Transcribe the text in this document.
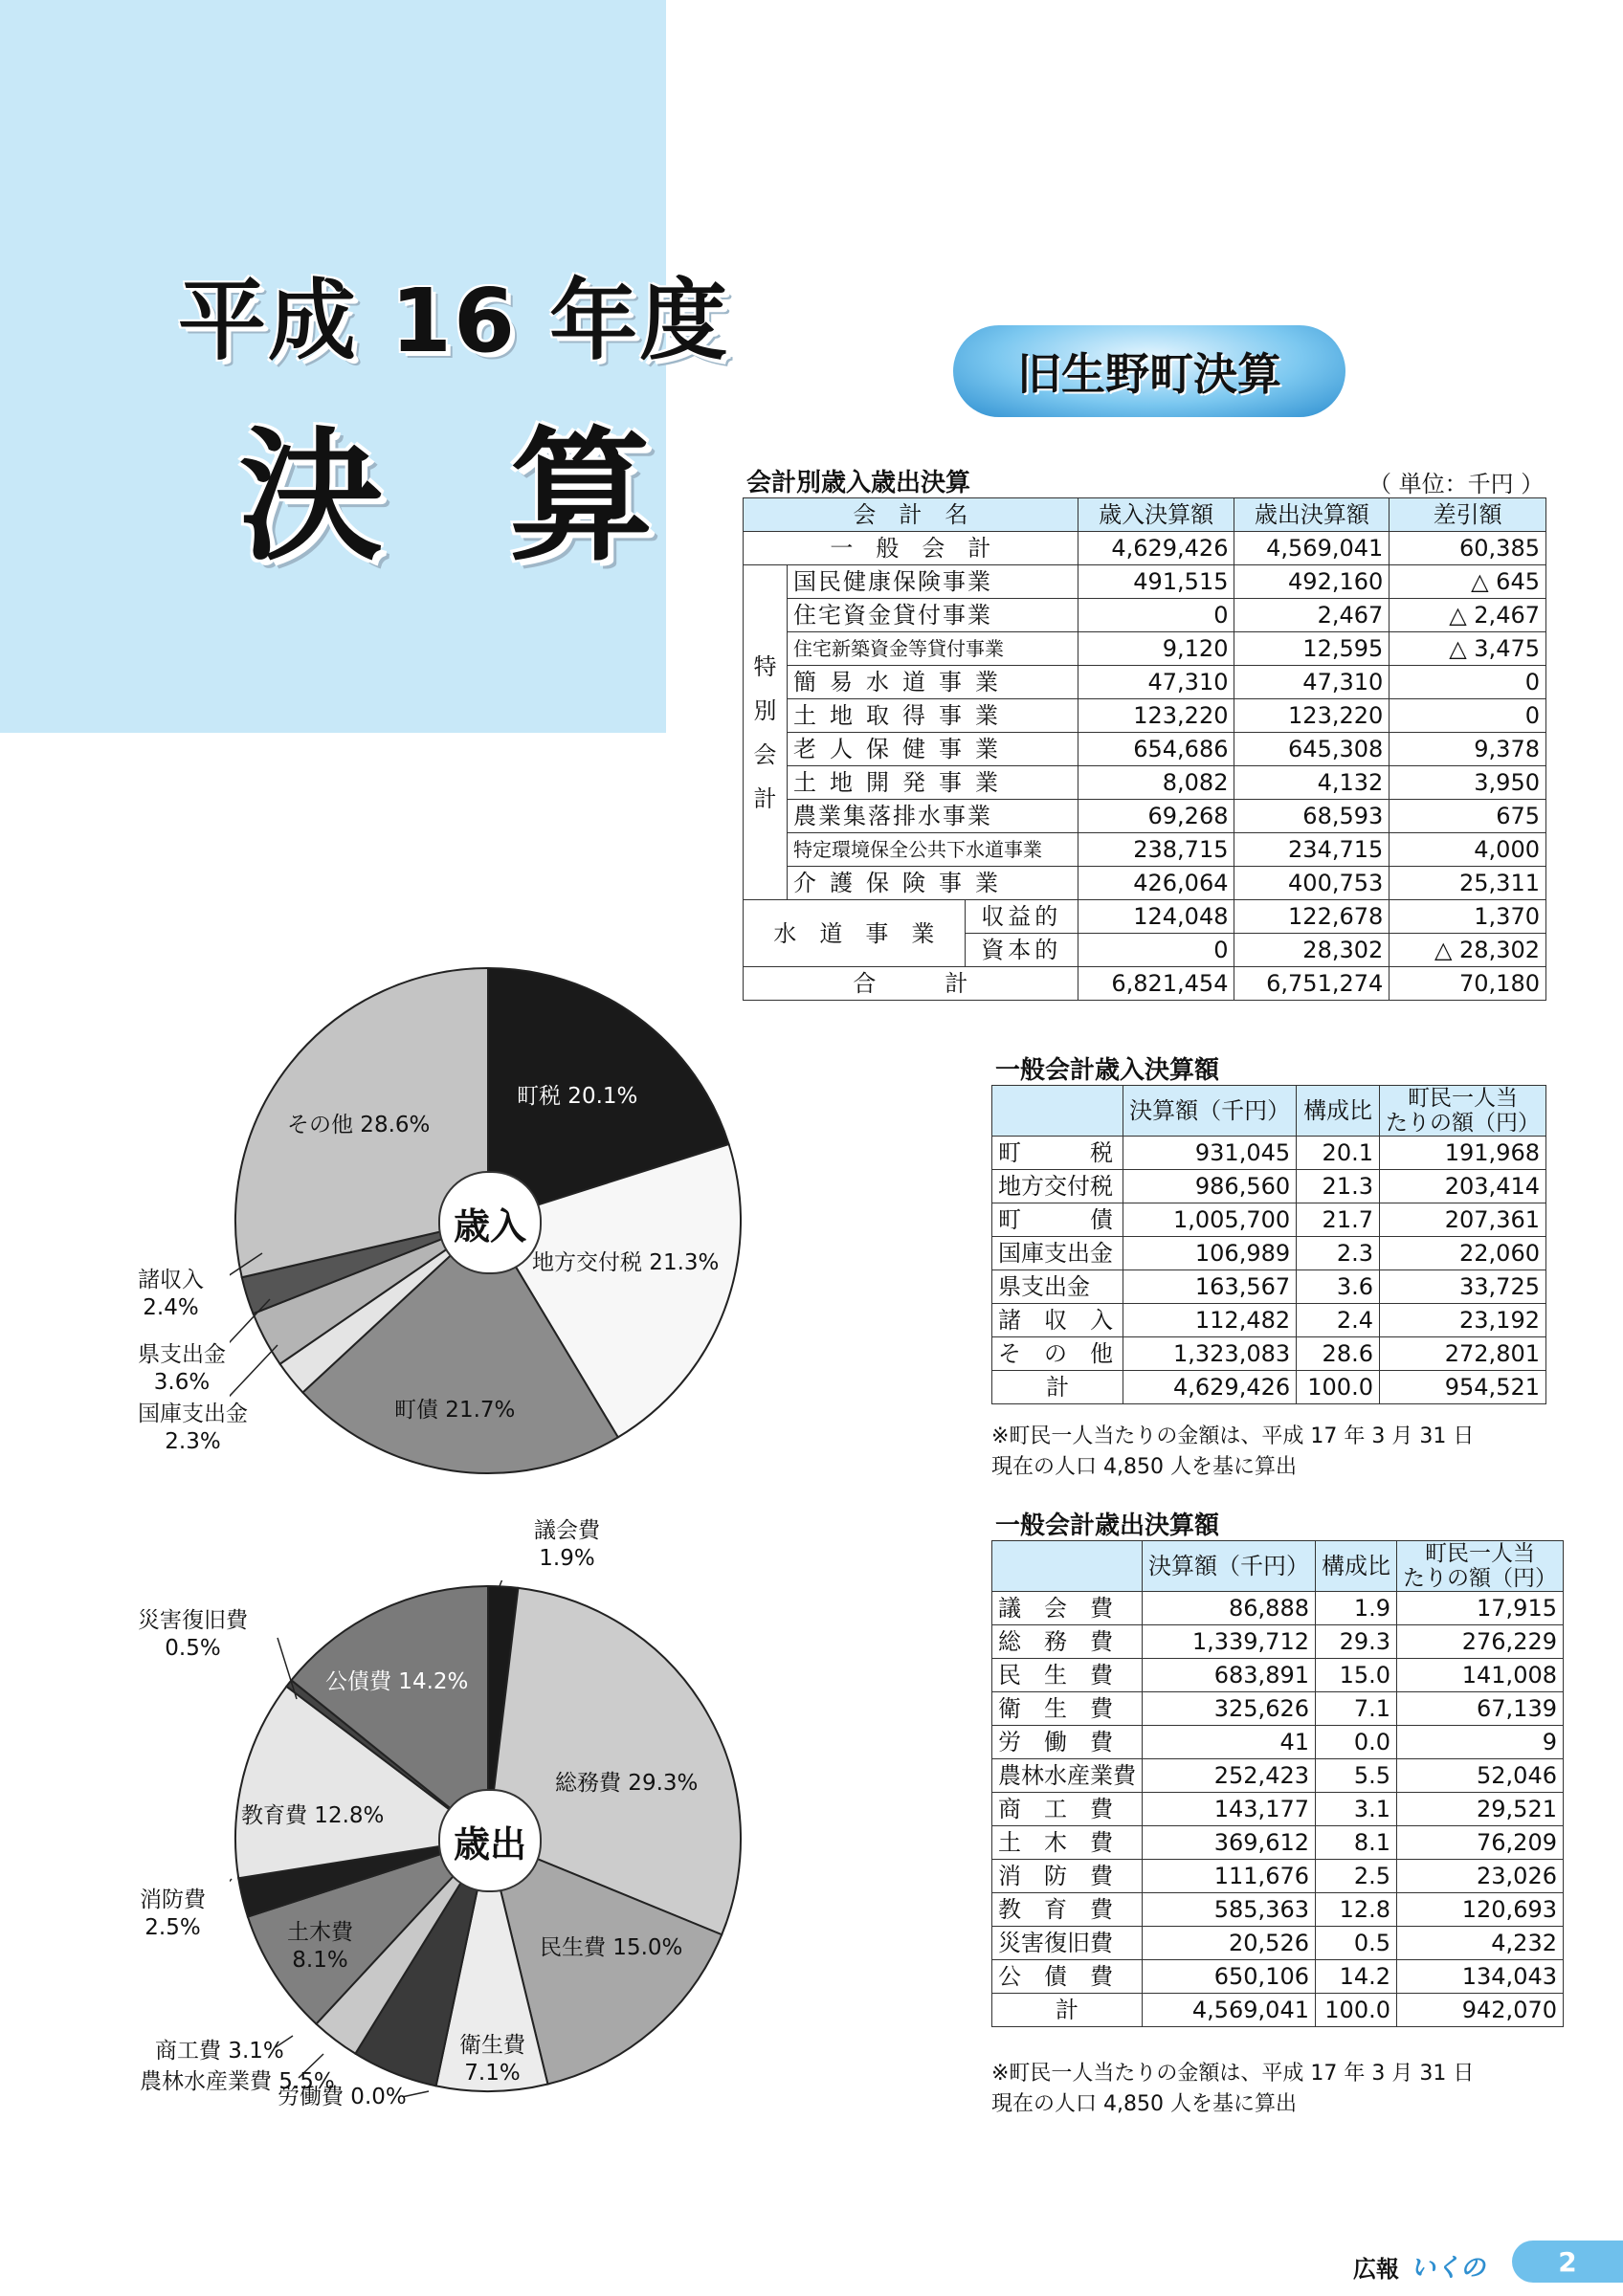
平成 16 年度
決 算
旧生野町決算
会計別歳入歳出決算	（ 単位：千円 ）
会　計　名			歳入決算額	歳出決算額	差引額
一　般　会　計			4,629,426	4,569,041	60,385
特
別
会
計	国民健康保険事業		491,515	492,160	△ 645
	住宅資金貸付事業		0	2,467	△ 2,467
	住宅新築資金等貸付事業		9,120	12,595	△ 3,475
	簡易水道事業		47,310	47,310	0
	土地取得事業		123,220	123,220	0
	老人保健事業		654,686	645,308	9,378
	土地開発事業		8,082	4,132	3,950
	農業集落排水事業		69,268	68,593	675
	特定環境保全公共下水道事業		238,715	234,715	4,000
	介護保険事業		426,064	400,753	25,311
水　道　事　業		収益的	124,048	122,678	1,370
		資本的	0	28,302	△ 28,302
合　　　計			6,821,454	6,751,274	70,180
一般会計歳入決算額
	決算額（千円）	構成比	町民一人当
たりの額（円）
町　　　税	931,045	20.1	191,968
地方交付税	986,560	21.3	203,414
町　　　債	1,005,700	21.7	207,361
国庫支出金	106,989	2.3	22,060
県支出金	163,567	3.6	33,725
諸　収　入	112,482	2.4	23,192
そ　の　他	1,323,083	28.6	272,801
計	4,629,426	100.0	954,521
※町民一人当たりの金額は、平成 17 年 3 月 31 日
現在の人口 4,850 人を基に算出
一般会計歳出決算額
	決算額（千円）	構成比	町民一人当
たりの額（円）
議　会　費	86,888	1.9	17,915
総　務　費	1,339,712	29.3	276,229
民　生　費	683,891	15.0	141,008
衛　生　費	325,626	7.1	67,139
労　働　費	41	0.0	9
農林水産業費	252,423	5.5	52,046
商　工　費	143,177	3.1	29,521
土　木　費	369,612	8.1	76,209
消　防　費	111,676	2.5	23,026
教　育　費	585,363	12.8	120,693
災害復旧費	20,526	0.5	4,232
公　債　費	650,106	14.2	134,043
計	4,569,041	100.0	942,070
※町民一人当たりの金額は、平成 17 年 3 月 31 日
現在の人口 4,850 人を基に算出
歳入
町税 20.1%
地方交付税 21.3%
町債 21.7%
国庫支出金
2.3%
県支出金
3.6%
諸収入
2.4%
その他 28.6%
歳出
議会費
1.9%
総務費 29.3%
民生費 15.0%
衛生費
7.1%
労働費 0.0%
農林水産業費 5.5%
商工費 3.1%
土木費
8.1%
消防費
2.5%
教育費 12.8%
災害復旧費
0.5%
公債費 14.2%
広報 いくの	2
